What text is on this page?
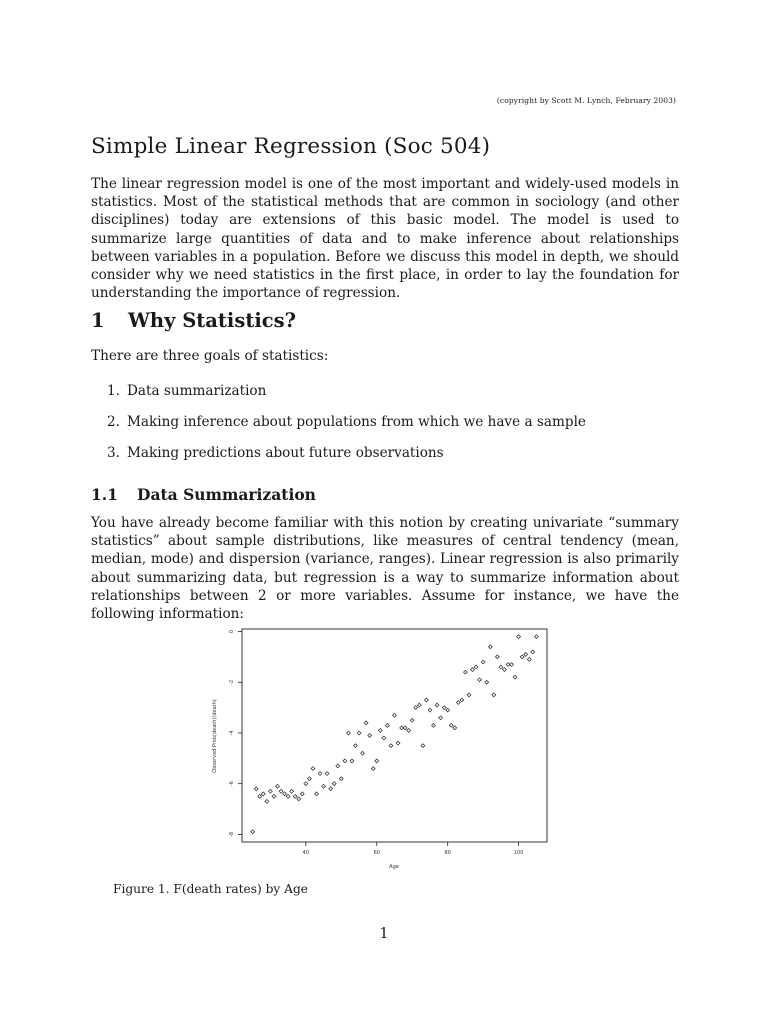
(copyright by Scott M. Lynch, February 2003)
Simple Linear Regression (Soc 504)

The linear regression model is one of the most important and widely-used models in statistics. Most of the statistical methods that are common in sociology (and other disciplines) today are extensions of this basic model. The model is used to summarize large quantities of data and to make inference about relationships between variables in a population. Before we discuss this model in depth, we should consider why we need statistics in the first place, in order to lay the foundation for understanding the importance of regression.

1 Why Statistics?

There are three goals of statistics:

1. Data summarization
2. Making inference about populations from which we have a sample
3. Making predictions about future observations
1.1 Data Summarization

You have already become familiar with this notion by creating univariate “summary statistics” about sample distributions, like measures of central tendency (mean, median, mode) and dispersion (variance, ranges). Linear regression is also primarily about summarizing data, but regression is a way to summarize information about relationships between 2 or more variables. Assume for instance, we have the following information:

0
-2
-4
-6
-8
40	60	80	100
Age
Observed Prob(death)(death)

Figure 1. F(death rates) by Age

1
